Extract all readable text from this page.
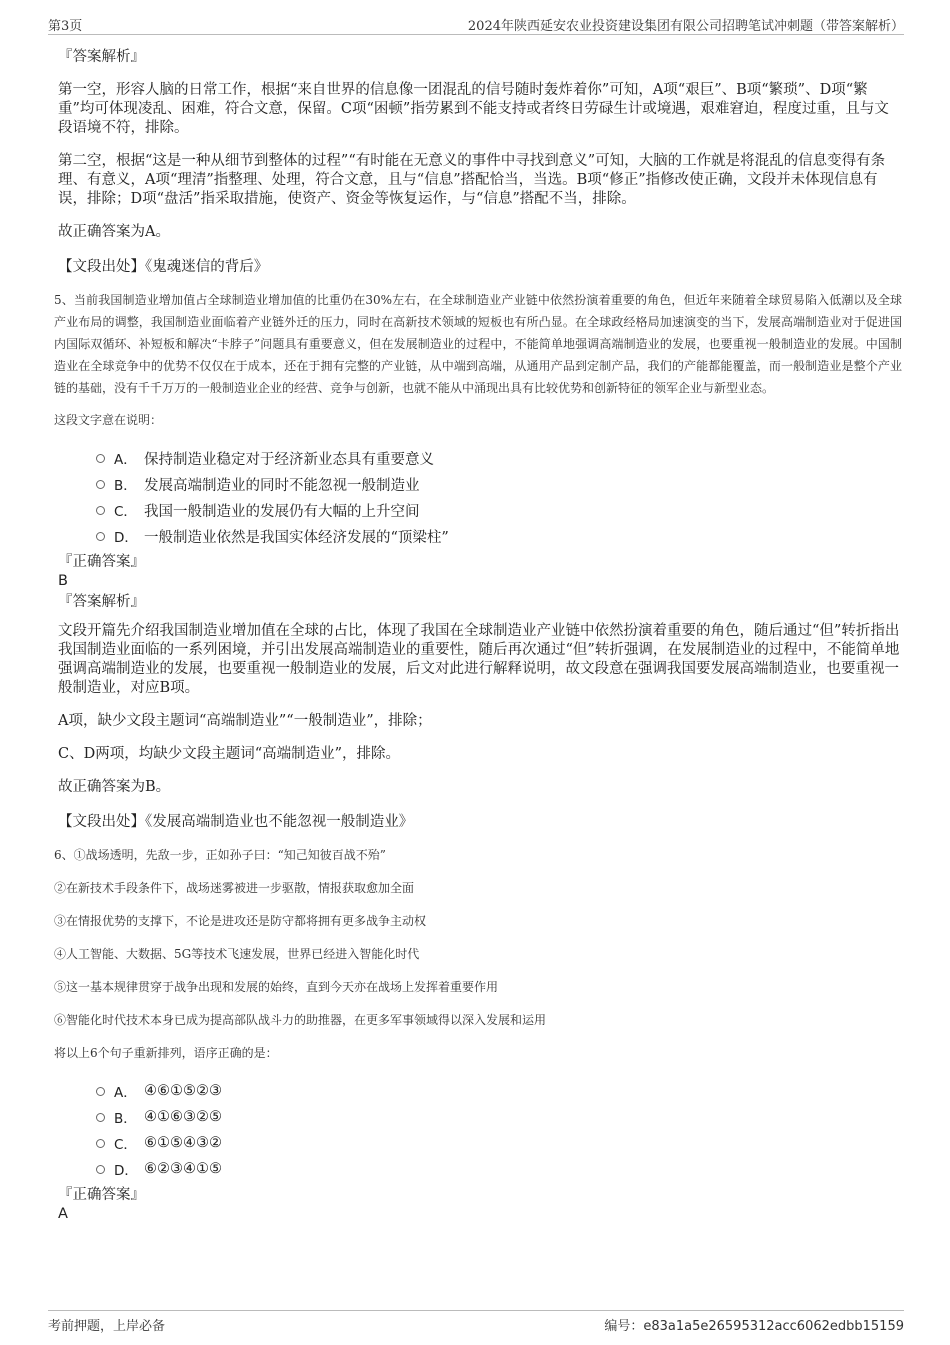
第3页	2024年陕西延安农业投资建设集团有限公司招聘笔试冲刺题（带答案解析）
『答案解析』

第一空，形容人脑的日常工作，根据“来自世界的信息像一团混乱的信号随时轰炸着你”可知，A项“艰巨”、B项“繁琐”、D项“繁重”均可体现凌乱、困难，符合文意，保留。C项“困顿”指劳累到不能支持或者终日劳碌生计或境遇，艰难窘迫，程度过重，且与文段语境不符，排除。

第二空，根据“这是一种从细节到整体的过程”“有时能在无意义的事件中寻找到意义”可知，大脑的工作就是将混乱的信息变得有条理、有意义，A项“理清”指整理、处理，符合文意，且与“信息”搭配恰当，当选。B项“修正”指修改使正确，文段并未体现信息有误，排除；D项“盘活”指采取措施，使资产、资金等恢复运作，与“信息”搭配不当，排除。

故正确答案为A。

【文段出处】《鬼魂迷信的背后》

5、当前我国制造业增加值占全球制造业增加值的比重仍在30%左右，在全球制造业产业链中依然扮演着重要的角色，但近年来随着全球贸易陷入低潮以及全球产业布局的调整，我国制造业面临着产业链外迁的压力，同时在高新技术领域的短板也有所凸显。在全球政经格局加速演变的当下，发展高端制造业对于促进国内国际双循环、补短板和解决“卡脖子”问题具有重要意义，但在发展制造业的过程中，不能简单地强调高端制造业的发展，也要重视一般制造业的发展。中国制造业在全球竞争中的优势不仅仅在于成本，还在于拥有完整的产业链，从中端到高端，从通用产品到定制产品，我们的产能都能覆盖，而一般制造业是整个产业链的基础，没有千千万万的一般制造业企业的经营、竞争与创新，也就不能从中涌现出具有比较优势和创新特征的领军企业与新型业态。

这段文字意在说明：

A． 保持制造业稳定对于经济新业态具有重要意义
B． 发展高端制造业的同时不能忽视一般制造业
C． 我国一般制造业的发展仍有大幅的上升空间
D． 一般制造业依然是我国实体经济发展的“顶梁柱”
『正确答案』
B
『答案解析』

文段开篇先介绍我国制造业增加值在全球的占比，体现了我国在全球制造业产业链中依然扮演着重要的角色，随后通过“但”转折指出我国制造业面临的一系列困境，并引出发展高端制造业的重要性，随后再次通过“但”转折强调，在发展制造业的过程中，不能简单地强调高端制造业的发展，也要重视一般制造业的发展，后文对此进行解释说明，故文段意在强调我国要发展高端制造业，也要重视一般制造业，对应B项。

A项，缺少文段主题词“高端制造业”“一般制造业”，排除；

C、D两项，均缺少文段主题词“高端制造业”，排除。

故正确答案为B。

【文段出处】《发展高端制造业也不能忽视一般制造业》

6、①战场透明，先敌一步，正如孙子曰：“知己知彼百战不殆”

②在新技术手段条件下，战场迷雾被进一步驱散，情报获取愈加全面

③在情报优势的支撑下，不论是进攻还是防守都将拥有更多战争主动权

④人工智能、大数据、5G等技术飞速发展，世界已经进入智能化时代

⑤这一基本规律贯穿于战争出现和发展的始终，直到今天亦在战场上发挥着重要作用

⑥智能化时代技术本身已成为提高部队战斗力的助推器，在更多军事领域得以深入发展和运用

将以上6个句子重新排列，语序正确的是：

A． ④⑥①⑤②③
B． ④①⑥③②⑤
C． ⑥①⑤④③②
D． ⑥②③④①⑤
『正确答案』
A
考前押题，上岸必备	编号：e83a1a5e26595312acc6062edbb15159
